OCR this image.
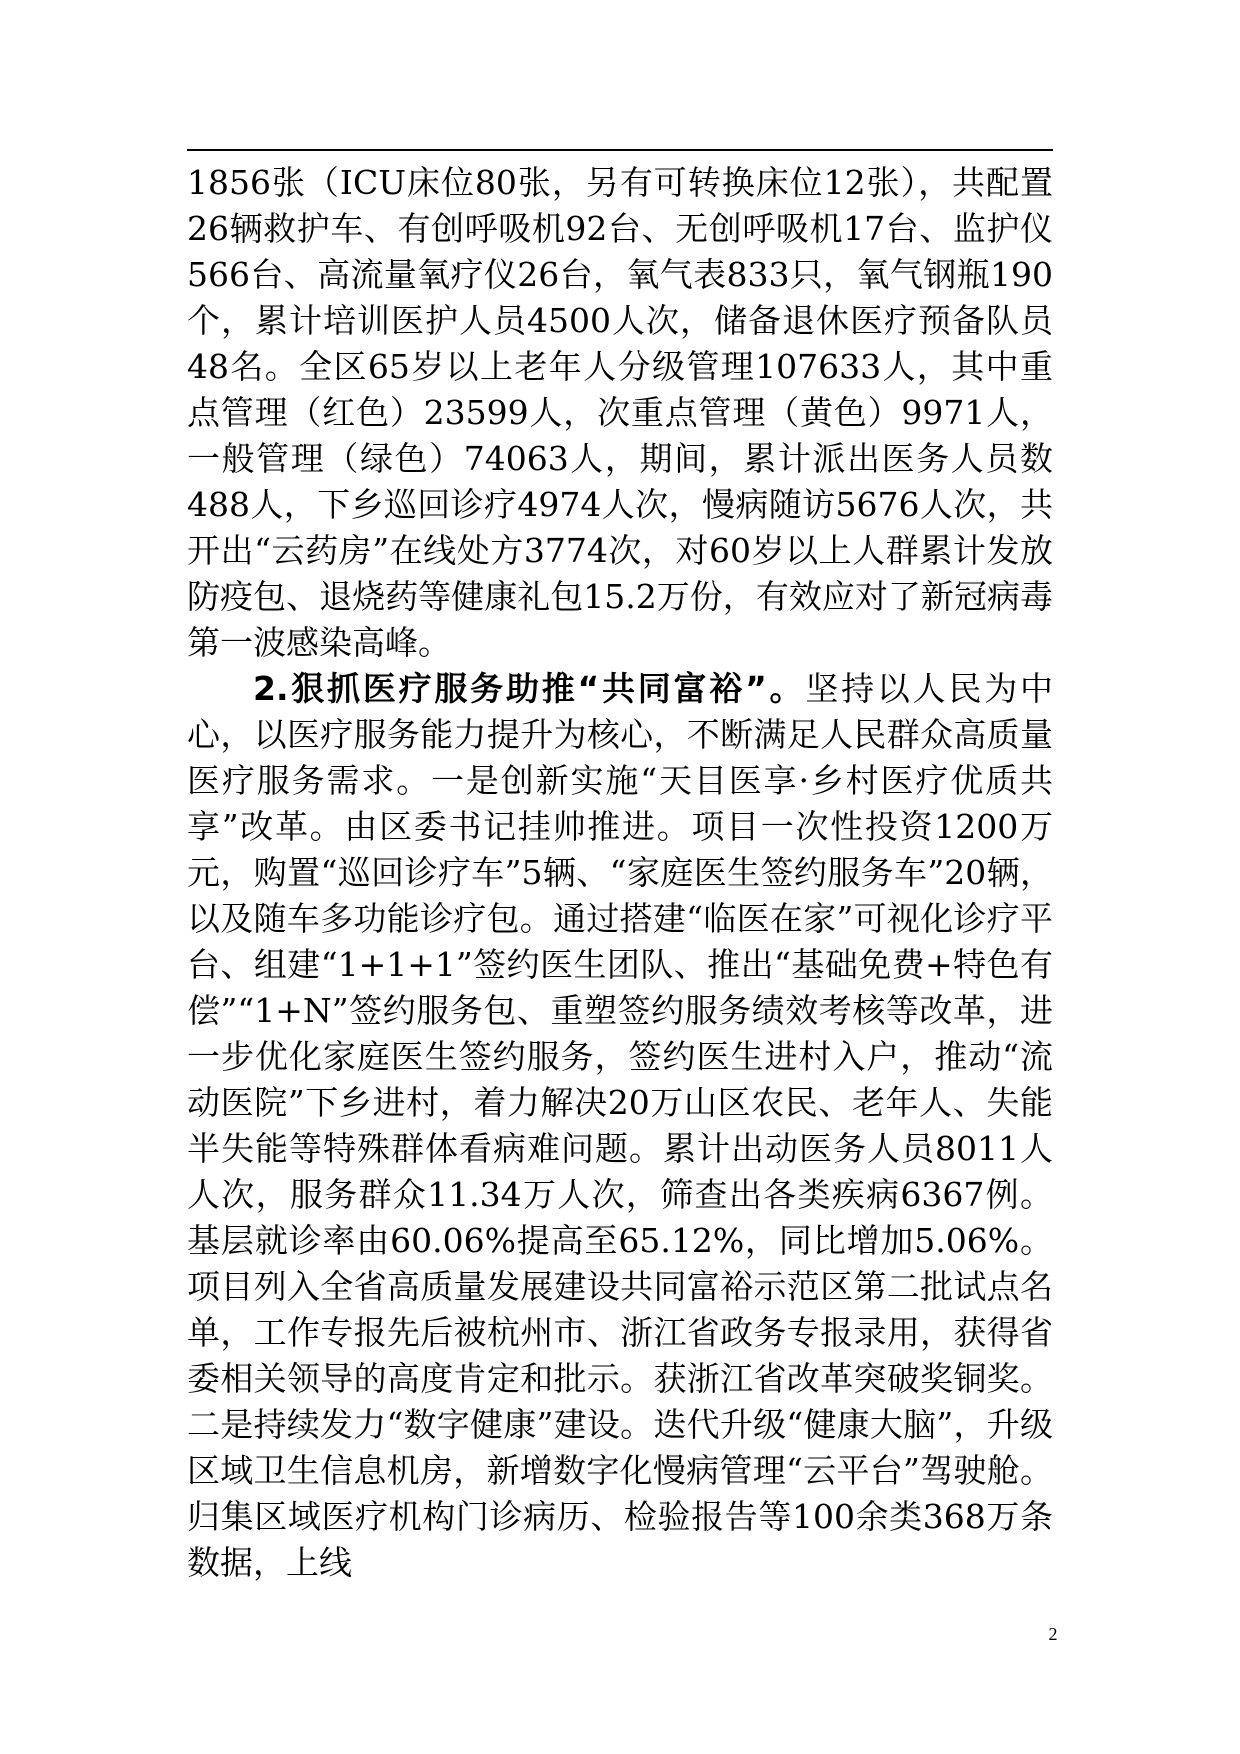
1856张（ICU床位80张，另有可转换床位12张），共配置26辆救护车、有创呼吸机92台、无创呼吸机17台、监护仪566台、高流量氧疗仪26台，氧气表833只，氧气钢瓶190个，累计培训医护人员4500人次，储备退休医疗预备队员48名。全区65岁以上老年人分级管理107633人，其中重点管理（红色）23599人，次重点管理（黄色）9971人，一般管理（绿色）74063人，期间，累计派出医务人员数488人，下乡巡回诊疗4974人次，慢病随访5676人次，共开出“云药房”在线处方3774次，对60岁以上人群累计发放防疫包、退烧药等健康礼包15.2万份，有效应对了新冠病毒第一波感染高峰。

2.狠抓医疗服务助推“共同富裕”。坚持以人民为中心，以医疗服务能力提升为核心，不断满足人民群众高质量医疗服务需求。一是创新实施“天目医享·乡村医疗优质共享”改革。由区委书记挂帅推进。项目一次性投资1200万元，购置“巡回诊疗车”5辆、“家庭医生签约服务车”20辆，以及随车多功能诊疗包。通过搭建“临医在家”可视化诊疗平台、组建“1+1+1”签约医生团队、推出“基础免费+特色有偿”“1+N”签约服务包、重塑签约服务绩效考核等改革，进一步优化家庭医生签约服务，签约医生进村入户，推动“流动医院”下乡进村，着力解决20万山区农民、老年人、失能半失能等特殊群体看病难问题。累计出动医务人员8011人人次，服务群众11.34万人次，筛查出各类疾病6367例。基层就诊率由60.06%提高至65.12%，同比增加5.06%。项目列入全省高质量发展建设共同富裕示范区第二批试点名单，工作专报先后被杭州市、浙江省政务专报录用，获得省委相关领导的高度肯定和批示。获浙江省改革突破奖铜奖。二是持续发力“数字健康”建设。迭代升级“健康大脑”，升级区域卫生信息机房，新增数字化慢病管理“云平台”驾驶舱。归集区域医疗机构门诊病历、检验报告等100余类368万条数据，上线

2
